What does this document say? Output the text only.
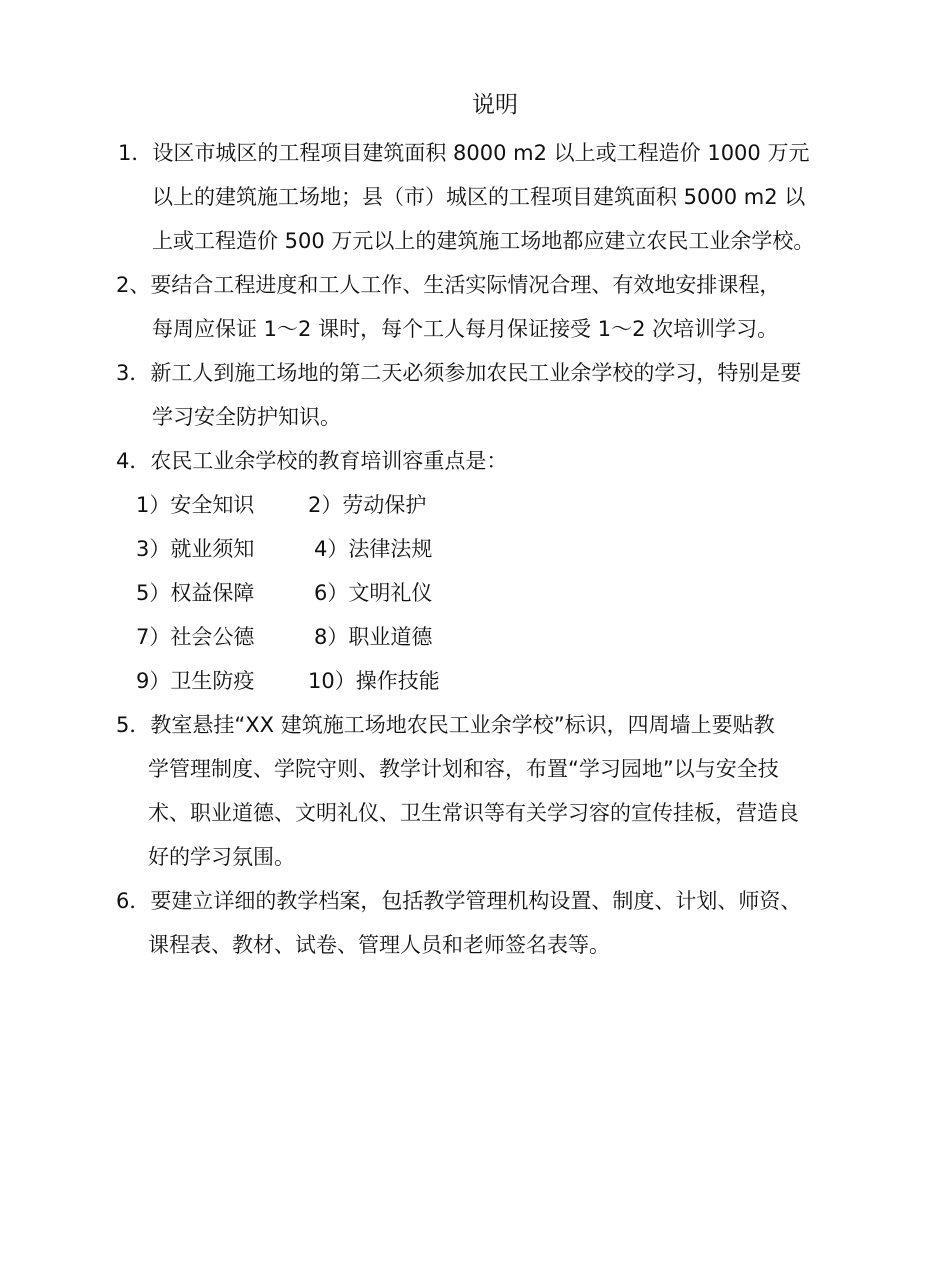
说明
1．设区市城区的工程项目建筑面积 8000 m2 以上或工程造价 1000 万元
以上的建筑施工场地；县（市）城区的工程项目建筑面积 5000 m2 以
上或工程造价 500 万元以上的建筑施工场地都应建立农民工业余学校。
2、要结合工程进度和工人工作、生活实际情况合理、有效地安排课程，
每周应保证 1～2 课时，每个工人每月保证接受 1～2 次培训学习。
3．新工人到施工场地的第二天必须参加农民工业余学校的学习，特别是要
学习安全防护知识。
4．农民工业余学校的教育培训容重点是：
1）安全知识	2）劳动保护
3）就业须知	4）法律法规
5）权益保障	6）文明礼仪
7）社会公德	8）职业道德
9）卫生防疫	10）操作技能
5．教室悬挂“XX 建筑施工场地农民工业余学校”标识，四周墙上要贴教
学管理制度、学院守则、教学计划和容，布置“学习园地”以与安全技
术、职业道德、文明礼仪、卫生常识等有关学习容的宣传挂板，营造良
好的学习氛围。
6．要建立详细的教学档案，包括教学管理机构设置、制度、计划、师资、
课程表、教材、试卷、管理人员和老师签名表等。
